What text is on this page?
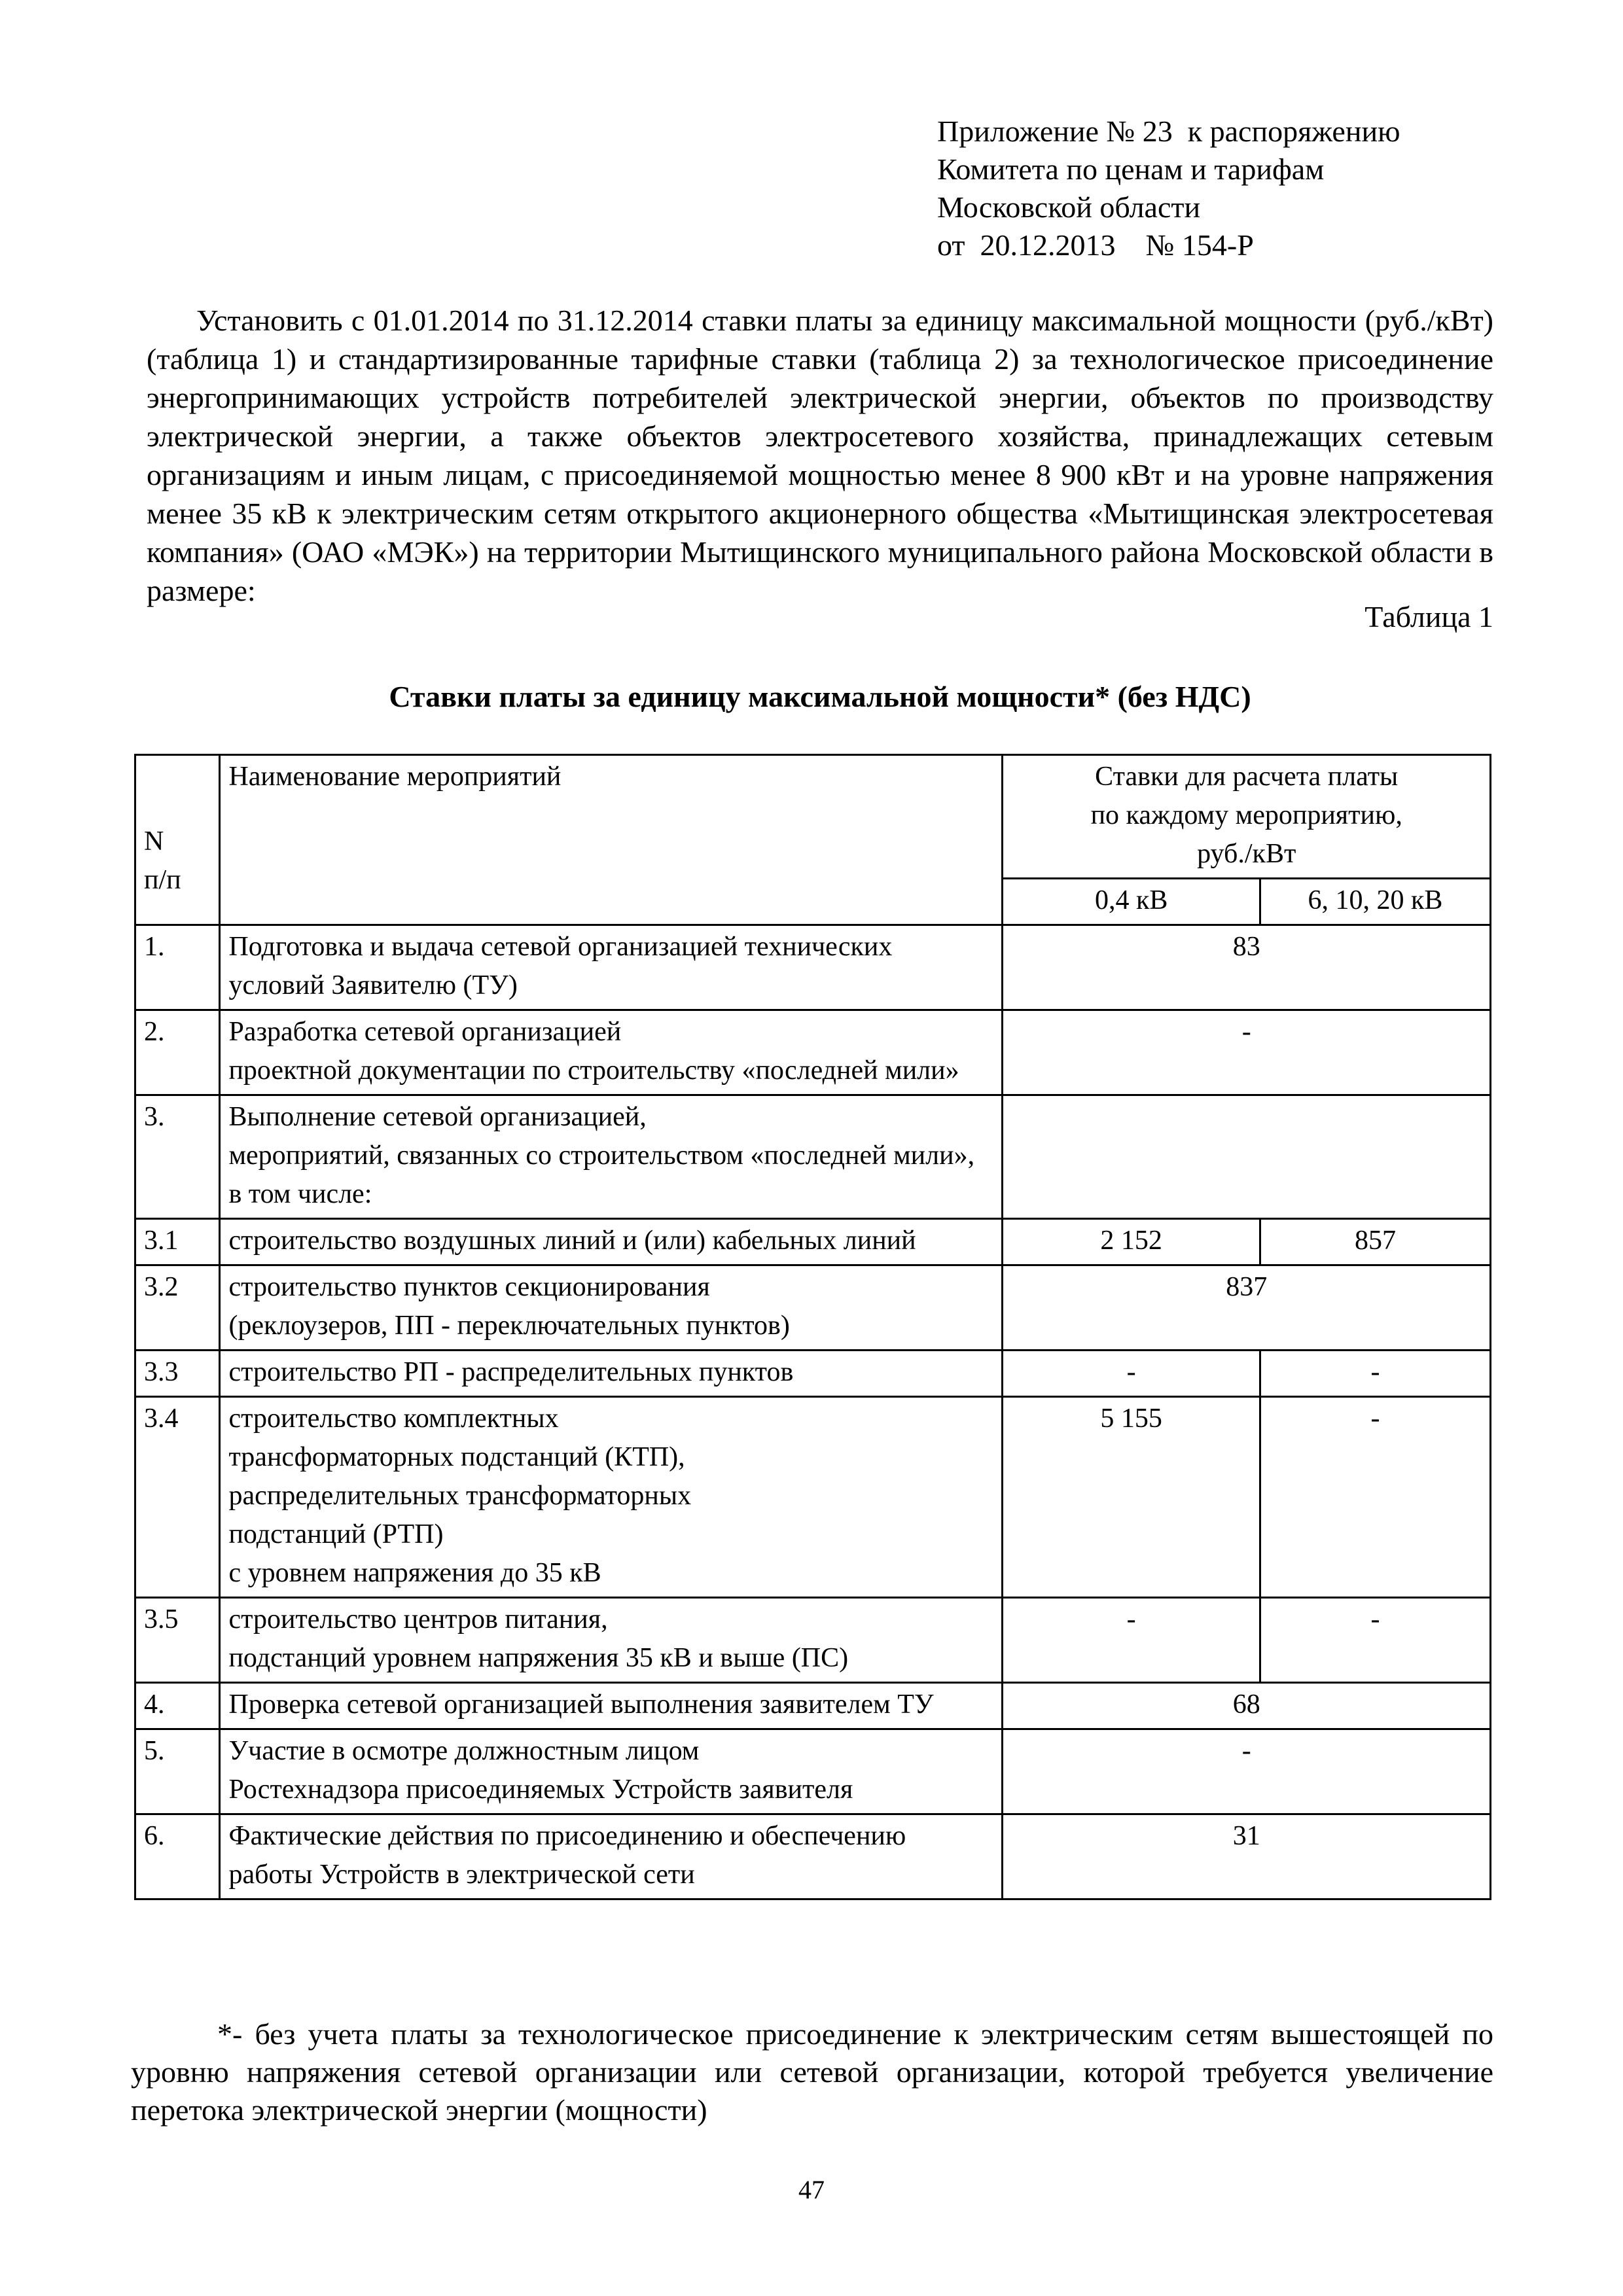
Приложение № 23  к распоряжению
Комитета по ценам и тарифам
Московской области
от  20.12.2013    № 154-Р
Установить с 01.01.2014 по 31.12.2014 ставки платы за единицу максимальной мощности (руб./кВт) (таблица 1) и стандартизированные тарифные ставки (таблица 2) за технологическое присоединение энергопринимающих устройств потребителей электрической энергии, объектов по производству электрической энергии, а также объектов электросетевого хозяйства, принадлежащих сетевым организациям и иным лицам, с присоединяемой мощностью менее 8 900 кВт и на уровне напряжения менее 35 кВ к электрическим сетям открытого акционерного общества «Мытищинская электросетевая компания» (ОАО «МЭК») на территории Мытищинского муниципального района Московской области в размере:
Таблица 1
Ставки платы за единицу максимальной мощности* (без НДС)
N
п/п	Наименование мероприятий	Ставки для расчета платы
по каждому мероприятию,
руб./кВт	
		0,4 кВ	6, 10, 20 кВ
1.	Подготовка и выдача сетевой организацией технических условий Заявителю (ТУ)	83	
2.	Разработка сетевой организацией
проектной документации по строительству «последней мили»	-	
3.	Выполнение сетевой организацией,
мероприятий, связанных со строительством «последней мили», в том числе:		
3.1	строительство воздушных линий и (или) кабельных линий	2 152	857
3.2	строительство пунктов секционирования
(реклоузеров, ПП - переключательных пунктов)	837	
3.3	строительство РП - распределительных пунктов	-	-
3.4	строительство комплектных
трансформаторных подстанций (КТП),
распределительных трансформаторных
подстанций (РТП)
с уровнем напряжения до 35 кВ	5 155	-
3.5	строительство центров питания,
подстанций уровнем напряжения 35 кВ и выше (ПС)	-	-
4.	Проверка сетевой организацией выполнения заявителем ТУ	68	
5.	Участие в осмотре должностным лицом
Ростехнадзора присоединяемых Устройств заявителя	-	
6.	Фактические действия по присоединению и обеспечению работы Устройств в электрической сети	31	
*- без учета платы за технологическое присоединение к электрическим сетям вышестоящей по уровню напряжения сетевой организации или сетевой организации, которой требуется увеличение перетока электрической энергии (мощности)
47
